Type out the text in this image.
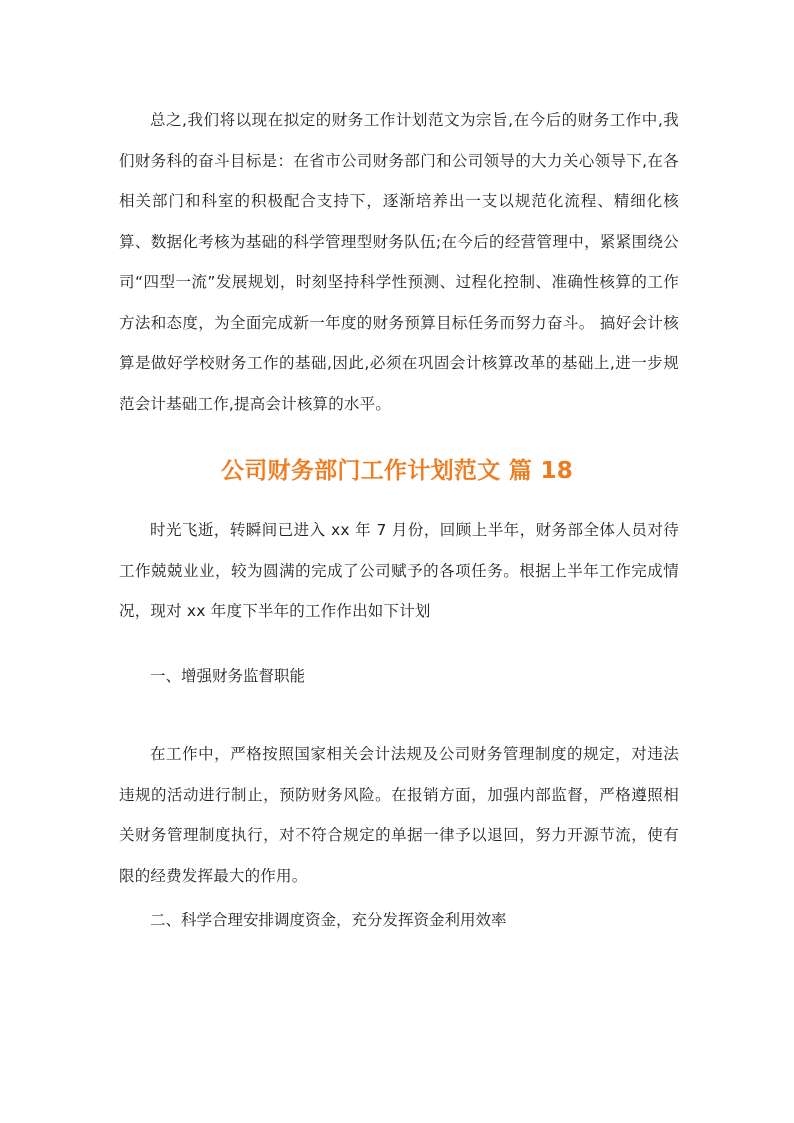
总之,我们将以现在拟定的财务工作计划范文为宗旨,在今后的财务工作中,我们财务科的奋斗目标是：在省市公司财务部门和公司领导的大力关心领导下,在各相关部门和科室的积极配合支持下，逐渐培养出一支以规范化流程、精细化核算、数据化考核为基础的科学管理型财务队伍;在今后的经营管理中，紧紧围绕公司“四型一流”发展规划，时刻坚持科学性预测、过程化控制、准确性核算的工作方法和态度，为全面完成新一年度的财务预算目标任务而努力奋斗。 搞好会计核算是做好学校财务工作的基础,因此,必须在巩固会计核算改革的基础上,进一步规范会计基础工作,提高会计核算的水平。

公司财务部门工作计划范文 篇 18

时光飞逝，转瞬间已进入 xx 年 7 月份，回顾上半年，财务部全体人员对待工作兢兢业业，较为圆满的完成了公司赋予的各项任务。根据上半年工作完成情况，现对 xx 年度下半年的工作作出如下计划

一、增强财务监督职能

在工作中，严格按照国家相关会计法规及公司财务管理制度的规定，对违法违规的活动进行制止，预防财务风险。在报销方面，加强内部监督，严格遵照相关财务管理制度执行，对不符合规定的单据一律予以退回，努力开源节流，使有限的经费发挥最大的作用。

二、科学合理安排调度资金，充分发挥资金利用效率
